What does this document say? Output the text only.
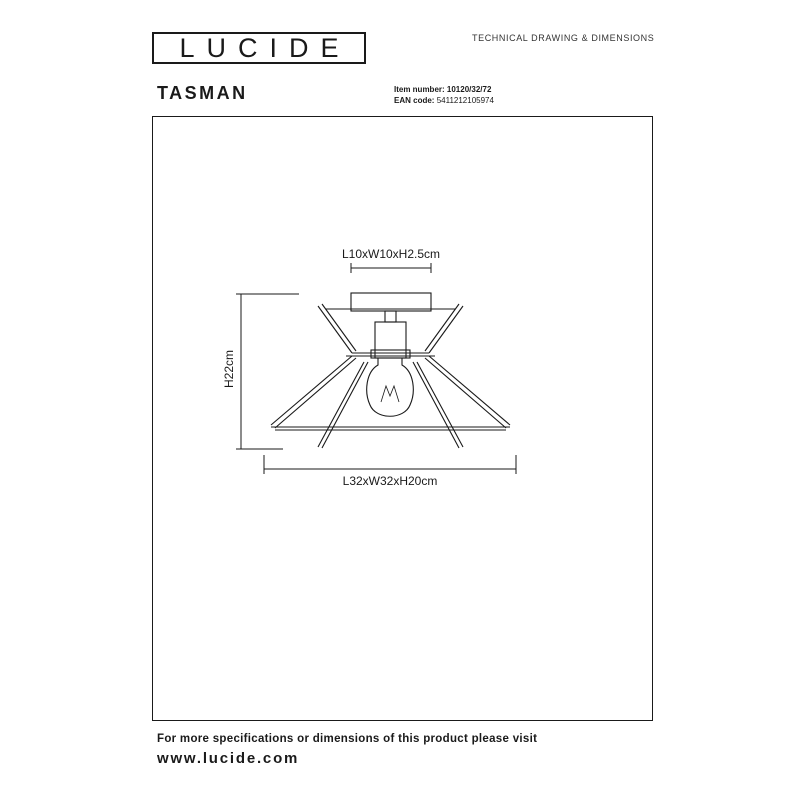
LUCIDE	TECHNICAL DRAWING & DIMENSIONS
TASMAN	Item number: 10120/32/72
EAN code: 5411212105974
L10xW10xH2.5cm
H22cm
L32xW32xH20cm
For more specifications or dimensions of this product please visit
www.lucide.com
